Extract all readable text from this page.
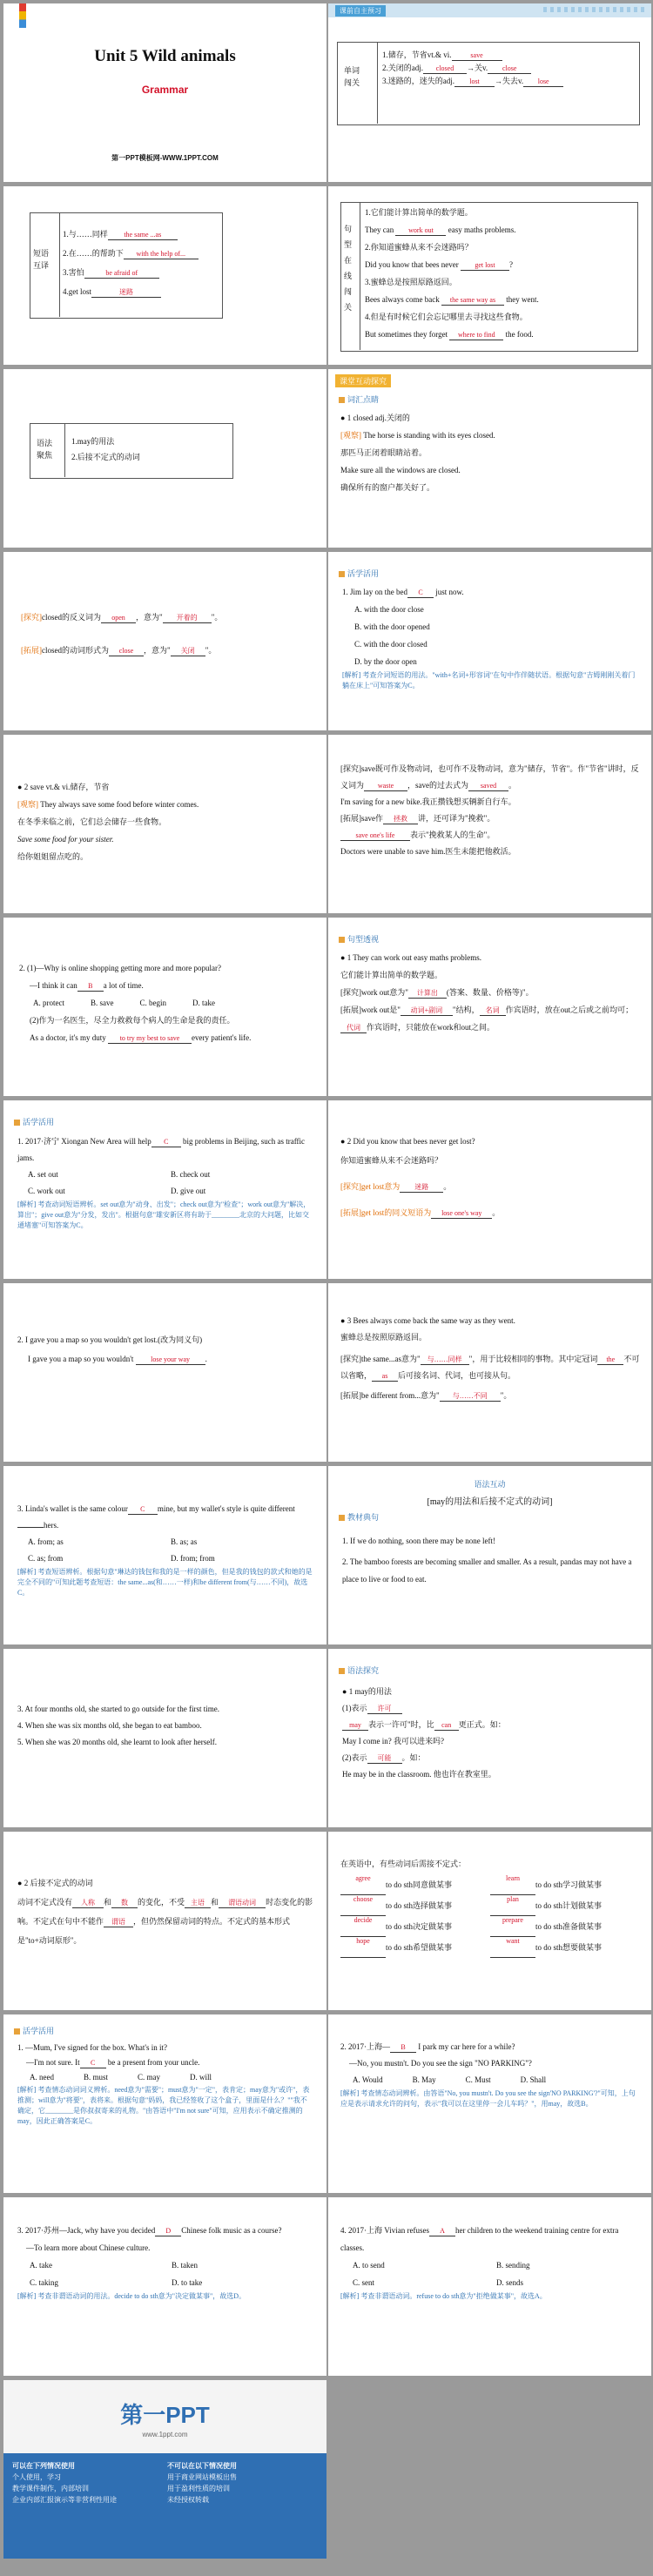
Unit 5 Wild animals
Grammar
第一PPT模板网-WWW.1PPT.COM
课前自主预习
单词
闯关
1.储存，节省vt.& vi.	save
2.关闭的adj. closed →关v. close
3.迷路的，迷失的adj. lost →失去v. lose
短语
互译
1.与……同样 the same ...as
2.在……的帮助下 with the help of...
3.害怕	be afraid of
4.get lost	迷路
句型
在线
闯关
1.它们能计算出简单的数学题。
They can work out easy maths problems.
2.你知道蜜蜂从来不会迷路吗？
Did you know that bees never get lost ?
3.蜜蜂总是按照原路返回。
Bees always come back the same way as they went.
4.但是有时候它们会忘记哪里去寻找这些食物。
But sometimes they forget where to find the food.
语法
聚焦
1.may的用法
2.后接不定式的动词
课堂互动探究
词汇点睛
● 1 closed adj.关闭的
[观察] The horse is standing with its eyes closed.
那匹马正闭着眼睛站着。
Make sure all the windows are closed.
确保所有的窗户都关好了。
[探究]closed的反义词为 open ，意为" 开着的 "。
[拓展]closed的动词形式为 close ，意为" 关闭 "。
活学活用
1. Jim lay on the bed C just now.
A. with the door close
B. with the door opened
C. with the door closed
D. by the door open
[解析] 考查介词短语的用法。"with+名词+形容词"在句中作伴随状语。根据句意"吉姆刚刚关着门躺在床上"可知答案为C。
● 2 save vt.& vi.储存，节省
[观察] They always save some food before winter comes.
在冬季来临之前，它们总会储存一些食物。
Save some food for your sister.
给你姐姐留点吃的。
[探究]save既可作及物动词，也可作不及物动词，意为"储存，节省"。作"节省"讲时，反义词为 waste ，save的过去式为 saved 。
I'm saving for a new bike.我正攒钱想买辆新自行车。
[拓展]save作 拯救 讲，还可译为"挽救"。
save one's life 表示"挽救某人的生命"。
Doctors were unable to save him.医生未能把他救活。
2. (1)—Why is online shopping getting more and more popular?
—I think it can B a lot of time.
A. protect	B. save	C. begin	D. take
(2)作为一名医生，尽全力救救每个病人的生命是我的责任。
As a doctor, it's my duty to try my best to save every patient's life.
句型透视
● 1 They can work out easy maths problems.
它们能计算出简单的数学题。
[探究]work out意为" 计算出 (答案、数量、价格等)"。
[拓展]work out是" 动词+副词 "结构， 名词 作宾语时，放在out之后或之前均可；代词 作宾语时，只能放在work和out之间。
活学活用
1. 2017·济宁 Xiongan New Area will help C big problems in Beijing, such as traffic jams.
A. set out	B. check out
C. work out	D. give out
[解析] 考查动词短语辨析。set out意为"动身、出发"；check out意为"检查"；work out意为"解决，算出"；give out意为"分发，发出"。根据句意"雄安新区将有助于________北京的大问题，比如交通堵塞"可知答案为C。
● 2 Did you know that bees never get lost?
你知道蜜蜂从来不会迷路吗？
[探究]get lost意为 迷路 。
[拓展]get lost的同义短语为 lose one's way 。
2. I gave you a map so you wouldn't get lost.(改为同义句)
I gave you a map so you wouldn't lose your way .
● 3 Bees always come back the same way as they went.
蜜蜂总是按照原路返回。
[探究]the same...as意为" 与……同样 "，用于比较相同的事物。其中定冠词 the 不可以省略， as 后可接名词、代词，也可接从句。
[拓展]be different from...意为" 与……不同 "。
3. Linda's wallet is the same colour C mine, but my wallet's style is quite different hers.
A. from; as	B. as; as
C. as; from	D. from; from
[解析] 考查短语辨析。根据句意"琳达的钱包和我的是一样的颜色，但是我的钱包的款式和她的是完全不同的"可知此题考查短语：the same...as(和……一样)和be different from(与……不同)，故选C。
语法互动
[may的用法和后接不定式的动词]
教材典句
1. If we do nothing, soon there may be none left!
2. The bamboo forests are becoming smaller and smaller. As a result, pandas may not have a place to live or food to eat.
3. At four months old, she started to go outside for the first time.
4. When she was six months old, she began to eat bamboo.
5. When she was 20 months old, she learnt to look after herself.
语法探究
● 1 may的用法
(1)表示 许可
may 表示一许可"时，比 can 更正式。如：
May I come in? 我可以进来吗?
(2)表示 可能 。如：
He may be in the classroom. 他也许在教室里。
● 2 后接不定式的动词
动词不定式没有 人称 和 数 的变化，不受 主语 和 谓语动词 时态变化的影响。不定式在句中不能作 谓语 ，但仍然保留动词的特点。不定式的基本形式是"to+动词原形"。
在英语中，有些动词后需接不定式：
agree
to do sth同意做某事
learn
to do sth学习做某事
choose
to do sth选择做某事
plan
to do sth计划做某事
decide
to do sth决定做某事
prepare
to do sth准备做某事
hope
to do sth希望做某事
want
to do sth想要做某事
活学活用
1. —Mum, I've signed for the box. What's in it?
—I'm not sure. It C be a present from your uncle.
A. need	B. must	C. may	D. will
[解析] 考查情态动词词义辨析。need意为"需要"；must意为"一定"，表肯定；may意为"或许"，表推测；will意为"将要"，表将来。根据句意"妈妈，我已经签收了这个盒子，里面是什么？""我不确定，它________是你叔叔寄来的礼物。"由答语中"I'm not sure"可知，应用表示不确定推测的may，因此正确答案是C。
2. 2017·上海— B I park my car here for a while?
—No, you mustn't. Do you see the sign "NO PARKING"?
A. Would	B. May	C. Must	D. Shall
[解析] 考查情态动词辨析。由答语"No, you mustn't. Do you see the sign'NO PARKING'?"可知，上句应是表示请求允许的问句，表示"我可以在这里停一会儿车吗？"，用may，故选B。
3. 2017·苏州—Jack, why have you decided D Chinese folk music as a course?
—To learn more about Chinese culture.
A. take	B. taken
C. taking	D. to take
[解析] 考查非谓语动词的用法。decide to do sth意为"决定做某事"，故选D。
4. 2017·上海 Vivian refuses A her children to the weekend training centre for extra classes.
A. to send	B. sending
C. sent	D. sends
[解析] 考查非谓语动词。refuse to do sth意为"拒绝做某事"，故选A。
第一PPT
www.1ppt.com
可以在下列情况使用
个人使用，学习
教学课件制作，内部培训
企业内部汇报演示等非营利性用途
不可以在以下情况使用
用于商业网站模板出售
用于盈利性质的培训
未经授权转载
